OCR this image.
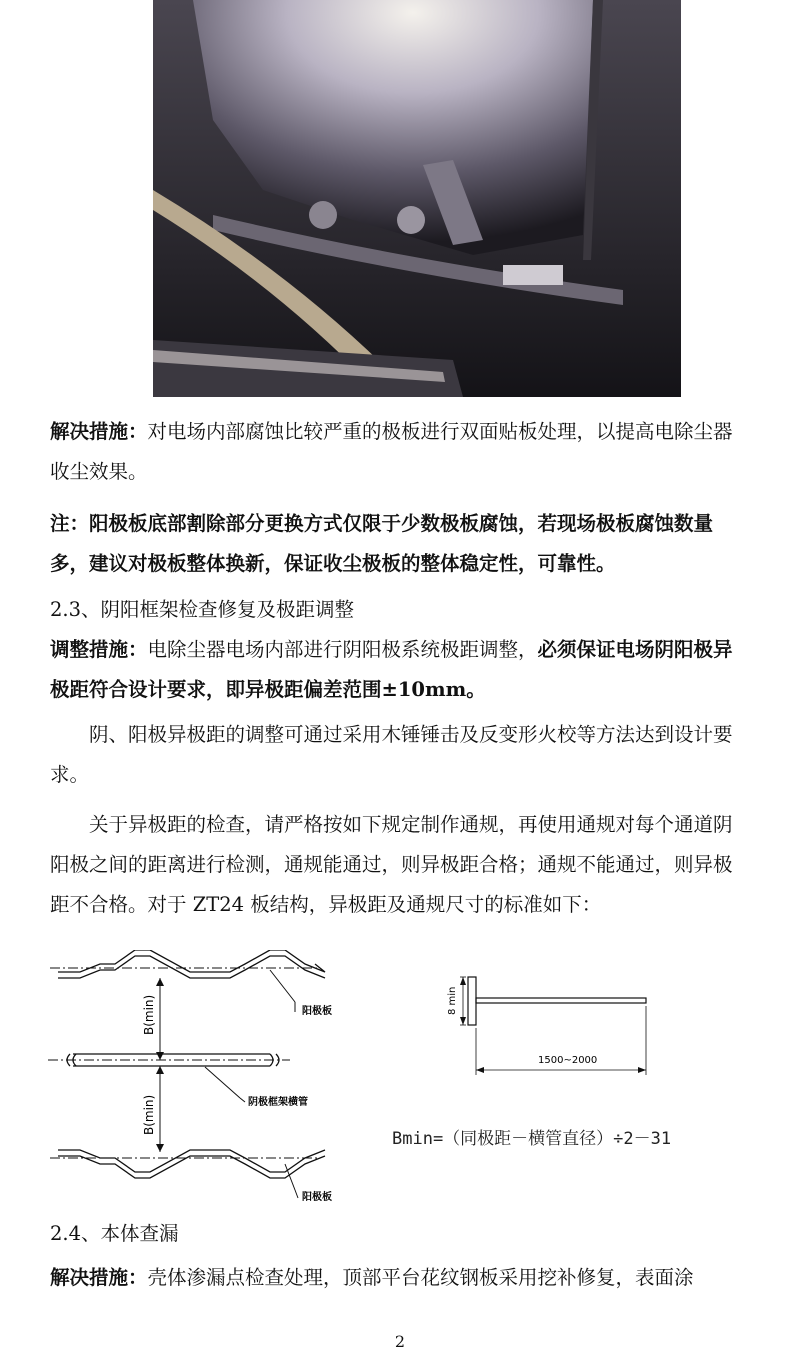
解决措施：对电场内部腐蚀比较严重的极板进行双面贴板处理，以提高电除尘器收尘效果。

注：阳极板底部割除部分更换方式仅限于少数极板腐蚀，若现场极板腐蚀数量多，建议对极板整体换新，保证收尘极板的整体稳定性，可靠性。

2.3、阴阳框架检查修复及极距调整

调整措施：电除尘器电场内部进行阴阳极系统极距调整，必须保证电场阴阳极异极距符合设计要求，即异极距偏差范围±10mm。

阴、阳极异极距的调整可通过采用木锤锤击及反变形火校等方法达到设计要求。

关于异极距的检查，请严格按如下规定制作通规，再使用通规对每个通道阴阳极之间的距离进行检测，通规能通过，则异极距合格；通规不能通过，则异极距不合格。对于 ZT24 板结构，异极距及通规尺寸的标准如下：

阳极板
B(min)
阴极框架横管
B(min)
阳极板
8 min
1500~2000
Bmin=（同极距－横管直径）÷2－31

2.4、本体查漏

解决措施：壳体渗漏点检查处理，顶部平台花纹钢板采用挖补修复，表面涂

2
